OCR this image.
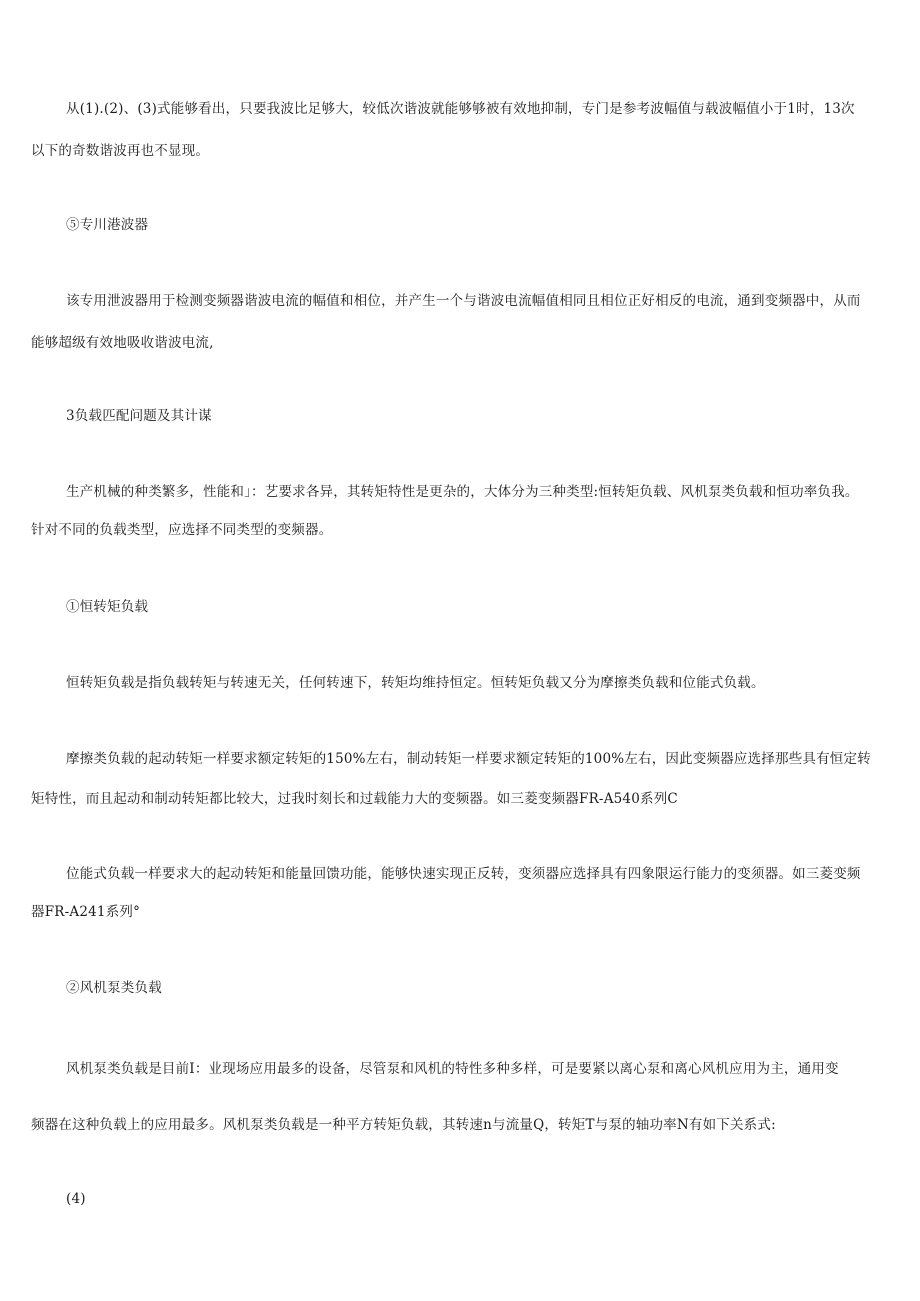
从(1).(2)、(3)式能够看出，只要我波比足够大，较低次谐波就能够够被有效地抑制，专门是参考波幅值与载波幅值小于1时，13次
以下的奇数谐波再也不显现。
⑤专川港波器
该专用泄波器用于检测变频器谐波电流的幅值和相位，并产生一个与谐波电流幅值相同且相位正好相反的电流，通到变频器中，从而
能够超级有效地吸收谐波电流,
3负载匹配问题及其计谋
生产机械的种类繁多，性能和」：艺要求各异，其转矩特性是更杂的，大体分为三种类型:恒转矩负载、风机泵类负载和恒功率负我。
针对不同的负载类型，应选择不同类型的变频器。
①恒转矩负载
恒转矩负载是指负载转矩与转速无关，任何转速下，转矩均维持恒定。恒转矩负载又分为摩擦类负载和位能式负载。
摩擦类负载的起动转矩一样要求额定转矩的150%左右，制动转矩一样要求额定转矩的100%左右，因此变频器应选择那些具有恒定转
矩特性，而且起动和制动转矩都比较大，过我时刻长和过载能力大的变频器。如三菱变频器FR-A540系列C
位能式负载一样要求大的起动转矩和能量回馈功能，能够快速实现正反转，变须器应选择具有四象限运行能力的变须器。如三菱变频
器FR-A241系列°
②风机泵类负载
风机泵类负载是目前I：业现场应用最多的设备，尽管泵和风机的特性多种多样，可是要紧以离心泵和离心风机应用为主，通用变
频器在这种负载上的应用最多。风机泵类负载是一种平方转矩负载，其转速n与流量Q，转矩T与泵的轴功率N有如下关系式:
(4)
